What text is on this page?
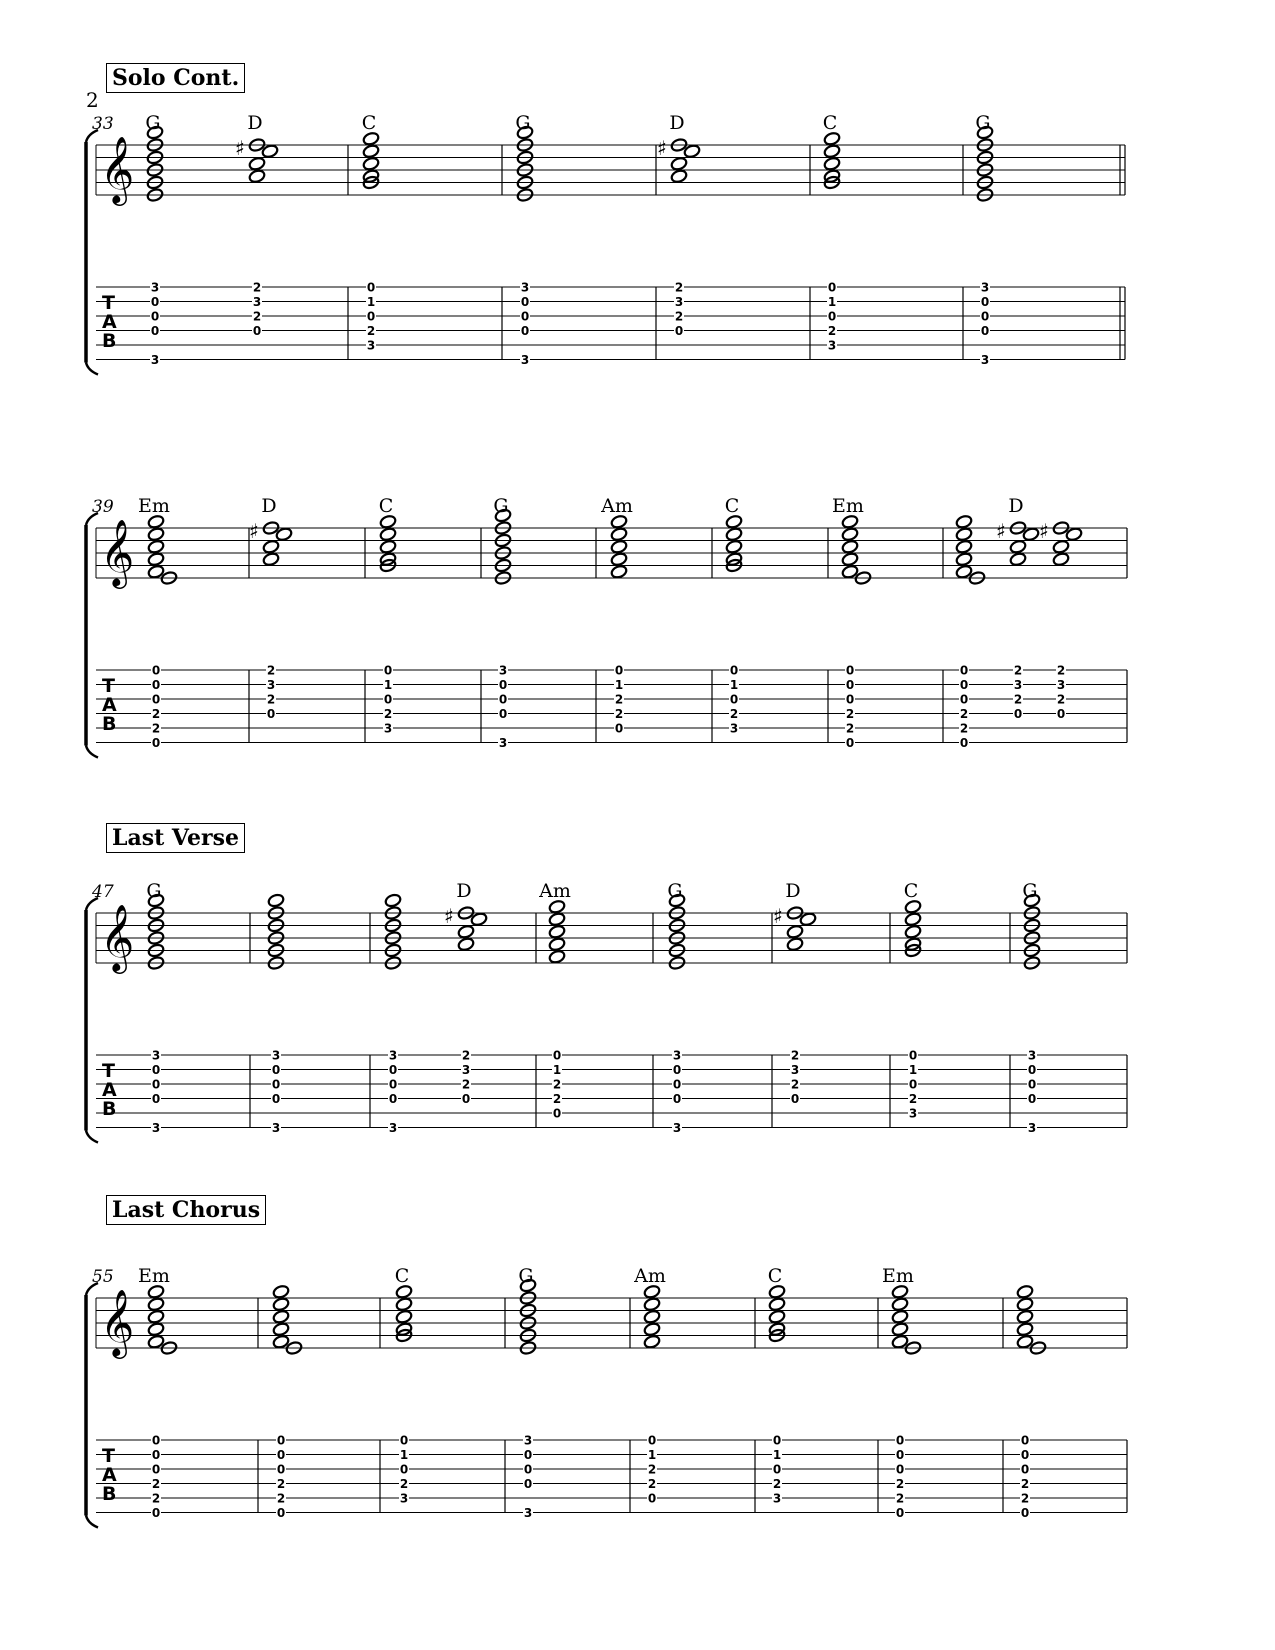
2
Solo Cont.
Last Verse
Last Chorus
𝄞
T
A
B
33 G
3
0
0
0
3
D
♯
2
3
2
0
C
0
1
0
2
3
G
3
0
0
0
3
D
♯
2
3
2
0
C
0
1
0
2
3
G
3
0
0
0
3
𝄞
T
A
B
39 Em
0
0
0
2
2
0
D
♯
2
3
2
0
C
0
1
0
2
3
G
3
0
0
0
3
Am
0
1
2
2
0
C
0
1
0
2
3
Em
0
0
0
2
2
0
0
0
0
2
2
0
D
♯
2
3
2
0
♯
2
3
2
0
𝄞
T
A
B
47 G
3
0
0
0
3
3
0
0
0
3
3
0
0
0
3
D
♯
2
3
2
0
Am
0
1
2
2
0
G
3
0
0
0
3
D
♯
2
3
2
0
C
0
1
0
2
3
G
3
0
0
0
3
𝄞
T
A
B
55 Em
0
0
0
2
2
0
0
0
0
2
2
0
C
0
1
0
2
3
G
3
0
0
0
3
Am
0
1
2
2
0
C
0
1
0
2
3
Em
0
0
0
2
2
0
0
0
0
2
2
0
